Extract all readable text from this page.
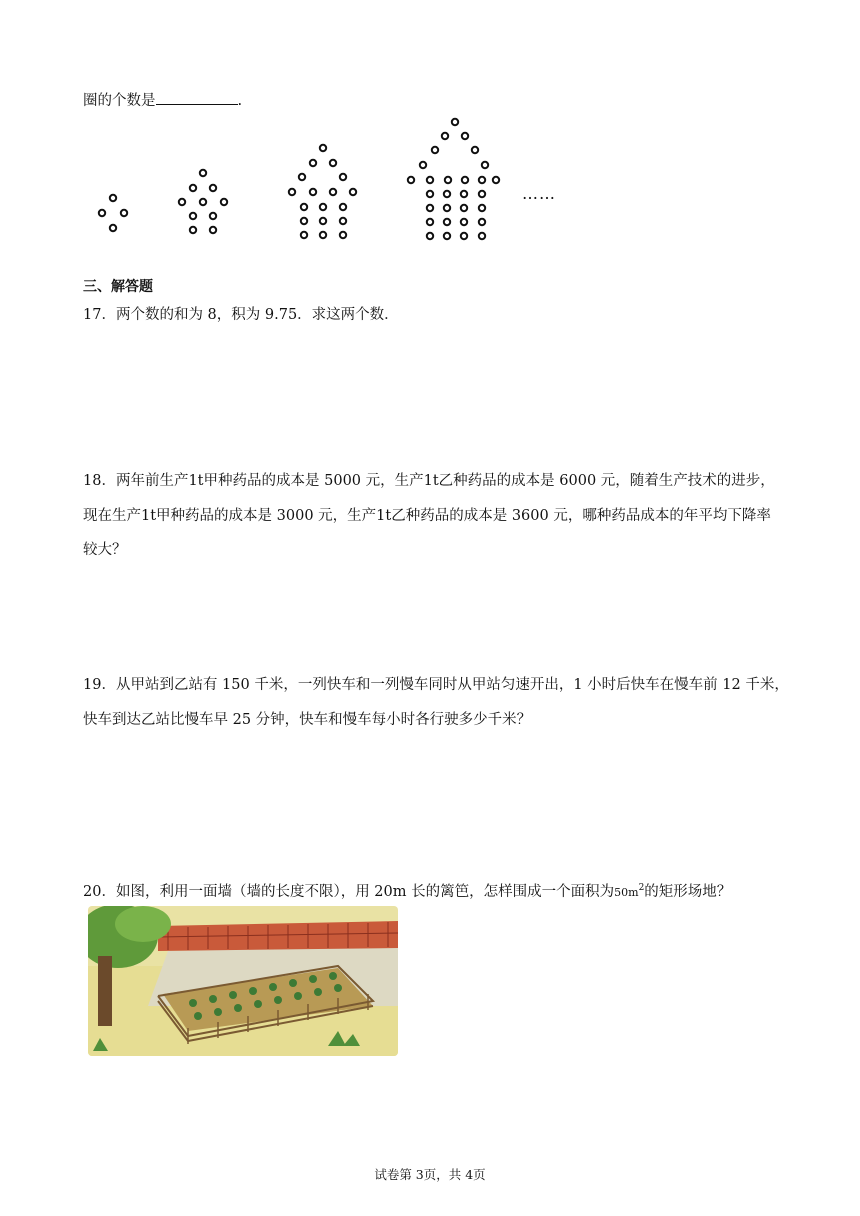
圈的个数是	.
……
三、解答题
17．两个数的和为 8，积为 9.75．求这两个数．
18．两年前生产1t甲种药品的成本是 5000 元，生产1t乙种药品的成本是 6000 元，随着生产技术的进步，
现在生产1t甲种药品的成本是 3000 元，生产1t乙种药品的成本是 3600 元，哪种药品成本的年平均下降率
较大？
19．从甲站到乙站有 150 千米，一列快车和一列慢车同时从甲站匀速开出，1 小时后快车在慢车前 12 千米，
快车到达乙站比慢车早 25 分钟，快车和慢车每小时各行驶多少千米？
20．如图，利用一面墙（墙的长度不限），用 20m 长的篱笆，怎样围成一个面积为$50m^2$的矩形场地？
试卷第 3页，共 4页
